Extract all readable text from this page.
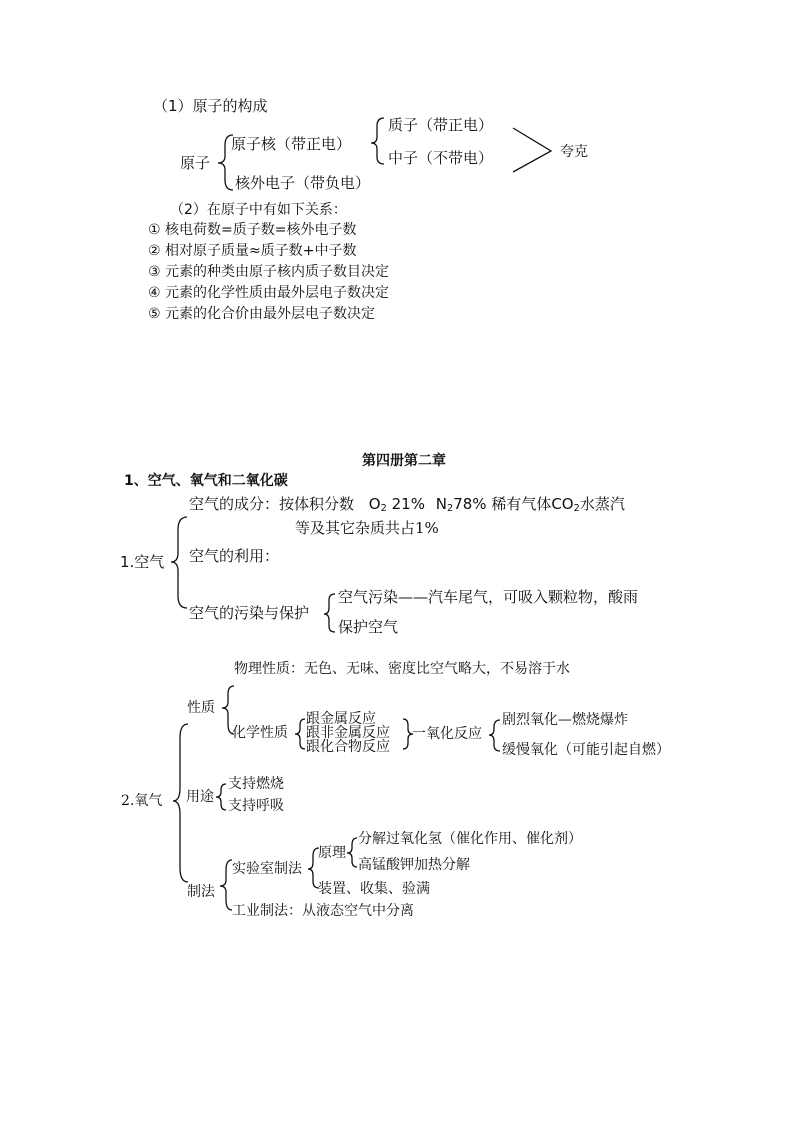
（1）原子的构成
原子
原子核（带正电）
质子（带正电）
中子（不带电）
核外电子（带负电）
夸克
（2）在原子中有如下关系：
① 核电荷数=质子数=核外电子数
② 相对原子质量≈质子数+中子数
③ 元素的种类由原子核内质子数目决定
④ 元素的化学性质由最外层电子数决定
⑤ 元素的化合价由最外层电子数决定
第四册第二章
1、空气、氧气和二氧化碳
1.空气
空气的成分：按体积分数 $O_2$ 21% $N_278\%$ 稀有气体$CO_2$水蒸汽
等及其它杂质共占1%
空气的利用：
空气的污染与保护
空气污染——汽车尾气，可吸入颗粒物，酸雨
保护空气
2.氧气
性质
物理性质：无色、无味、密度比空气略大，不易溶于水
化学性质
跟金属反应
跟非金属反应
跟化合物反应
一氧化反应
剧烈氧化—燃烧爆炸
缓慢氧化（可能引起自燃）
用途
支持燃烧
支持呼吸
制法
实验室制法
原理
分解过氧化氢（催化作用、催化剂）
高锰酸钾加热分解
装置、收集、验满
工业制法：从液态空气中分离
